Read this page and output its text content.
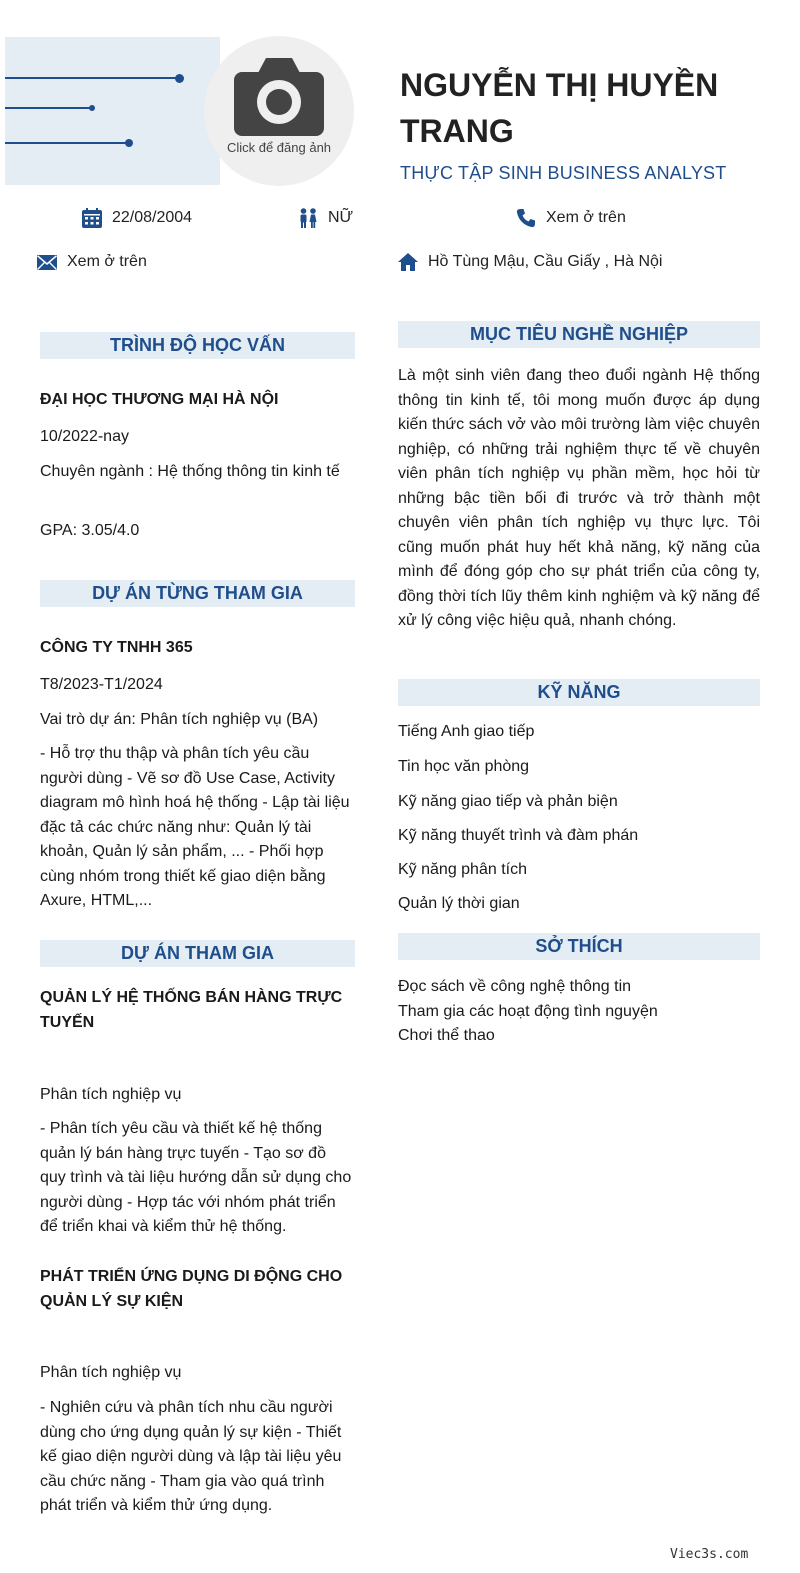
Click để đăng ảnh
NGUYỄN THỊ HUYỀN TRANG
THỰC TẬP SINH BUSINESS ANALYST
22/08/2004	NỮ	Xem ở trên
Xem ở trên	Hồ Tùng Mậu, Cầu Giấy , Hà Nội
TRÌNH ĐỘ HỌC VẤN
ĐẠI HỌC THƯƠNG MẠI HÀ NỘI
10/2022-nay
Chuyên ngành : Hệ thống thông tin kinh tế
GPA: 3.05/4.0
DỰ ÁN TỪNG THAM GIA
CÔNG TY TNHH 365
T8/2023-T1/2024
Vai trò dự án: Phân tích nghiệp vụ (BA)
- Hỗ trợ thu thập và phân tích yêu cầu người dùng - Vẽ sơ đồ Use Case, Activity diagram mô hình hoá hệ thống - Lập tài liệu đặc tả các chức năng như: Quản lý tài khoản, Quản lý sản phẩm, ... - Phối hợp cùng nhóm trong thiết kế giao diện bằng Axure, HTML,...
DỰ ÁN THAM GIA
QUẢN LÝ HỆ THỐNG BÁN HÀNG TRỰC TUYẾN
Phân tích nghiệp vụ
- Phân tích yêu cầu và thiết kế hệ thống quản lý bán hàng trực tuyến - Tạo sơ đồ quy trình và tài liệu hướng dẫn sử dụng cho người dùng - Hợp tác với nhóm phát triển để triển khai và kiểm thử hệ thống.
PHÁT TRIỂN ỨNG DỤNG DI ĐỘNG CHO QUẢN LÝ SỰ KIỆN
Phân tích nghiệp vụ
- Nghiên cứu và phân tích nhu cầu người dùng cho ứng dụng quản lý sự kiện - Thiết kế giao diện người dùng và lập tài liệu yêu cầu chức năng - Tham gia vào quá trình phát triển và kiểm thử ứng dụng.
MỤC TIÊU NGHỀ NGHIỆP
Là một sinh viên đang theo đuổi ngành Hệ thống thông tin kinh tế, tôi mong muốn được áp dụng kiến thức sách vở vào môi trường làm việc chuyên nghiệp, có những trải nghiệm thực tế về chuyên viên phân tích nghiệp vụ phần mềm, học hỏi từ những bậc tiền bối đi trước và trở thành một chuyên viên phân tích nghiệp vụ thực lực. Tôi cũng muốn phát huy hết khả năng, kỹ năng của mình để đóng góp cho sự phát triển của công ty, đồng thời tích lũy thêm kinh nghiệm và kỹ năng để xử lý công việc hiệu quả, nhanh chóng.
KỸ NĂNG
Tiếng Anh giao tiếp
Tin học văn phòng
Kỹ năng giao tiếp và phản biện
Kỹ năng thuyết trình và đàm phán
Kỹ năng phân tích
Quản lý thời gian
SỞ THÍCH
Đọc sách về công nghệ thông tin
Tham gia các hoạt động tình nguyện
Chơi thể thao
Viec3s.com
